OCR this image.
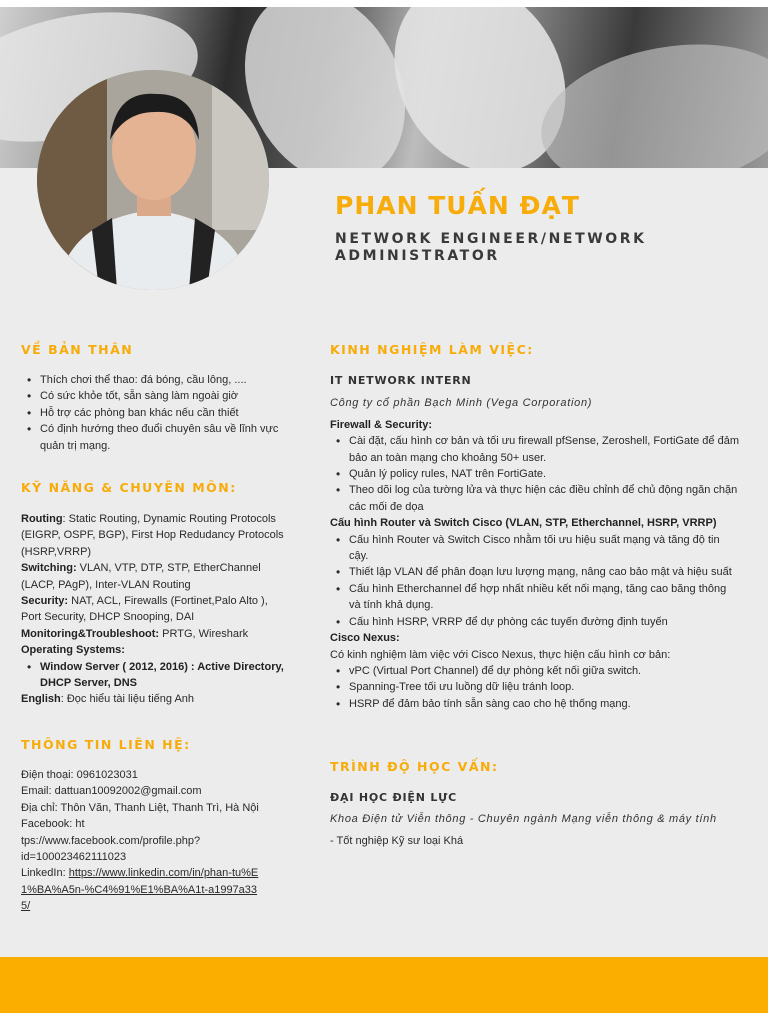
PHAN TUẤN ĐẠT
NETWORK ENGINEER/NETWORK ADMINISTRATOR
VỀ BẢN THÂN
• Thích chơi thể thao: đá bóng, cầu lông, ....
• Có sức khỏe tốt, sẵn sàng làm ngoài giờ
• Hỗ trợ các phòng ban khác nếu cần thiết
• Có định hướng theo đuổi chuyên sâu về lĩnh vực quản trị mạng.
KỸ NĂNG & CHUYÊN MÔN:
Routing: Static Routing, Dynamic Routing Protocols (EIGRP, OSPF, BGP), First Hop Redudancy Protocols (HSRP,VRRP)
Switching: VLAN, VTP, DTP, STP, EtherChannel (LACP, PAgP), Inter-VLAN Routing
Security: NAT, ACL, Firewalls (Fortinet,Palo Alto ), Port Security, DHCP Snooping, DAI
Monitoring&Troubleshoot: PRTG, Wireshark
Operating Systems:
• Window Server ( 2012, 2016) : Active Directory, DHCP Server, DNS
English: Đọc hiểu tài liệu tiếng Anh
THÔNG TIN LIÊN HỆ:
Điện thoại: 0961023031
Email: dattuan10092002@gmail.com
Địa chỉ: Thôn Văn, Thanh Liệt, Thanh Trì, Hà Nội
Facebook: ht
tps://www.facebook.com/profile.php?
id=100023462111023
LinkedIn: https://www.linkedin.com/in/phan-tu%E1%BA%A5n-%C4%91%E1%BA%A1t-a1997a335/
KINH NGHIỆM LÀM VIỆC:
IT NETWORK INTERN
Công ty cổ phần Bạch Minh (Vega Corporation)
Firewall & Security:
• Cài đặt, cấu hình cơ bản và tối ưu firewall pfSense, Zeroshell, FortiGate để đảm bảo an toàn mạng cho khoảng 50+ user.
• Quản lý policy rules, NAT trên FortiGate.
• Theo dõi log của tường lửa và thực hiện các điều chỉnh để chủ động ngăn chặn các mối đe dọa
Cấu hình Router và Switch Cisco (VLAN, STP, Etherchannel, HSRP, VRRP)
• Cấu hình Router và Switch Cisco nhằm tối ưu hiệu suất mạng và tăng độ tin cậy.
• Thiết lập VLAN để phân đoạn lưu lượng mạng, nâng cao bảo mật và hiệu suất
• Cấu hình Etherchannel để hợp nhất nhiều kết nối mạng, tăng cao băng thông và tính khả dụng.
• Cấu hình HSRP, VRRP để dự phòng các tuyến đường định tuyến
Cisco Nexus:
Có kinh nghiệm làm việc với Cisco Nexus, thực hiện cấu hình cơ bản:
• vPC (Virtual Port Channel) để dự phòng kết nối giữa switch.
• Spanning-Tree tối ưu luồng dữ liệu tránh loop.
• HSRP để đảm bảo tính sẵn sàng cao cho hệ thống mạng.
TRÌNH ĐỘ HỌC VẤN:
ĐẠI HỌC ĐIỆN LỰC
Khoa Điện tử Viễn thông - Chuyên ngành Mạng viễn thông & máy tính
- Tốt nghiệp Kỹ sư loại Khá
